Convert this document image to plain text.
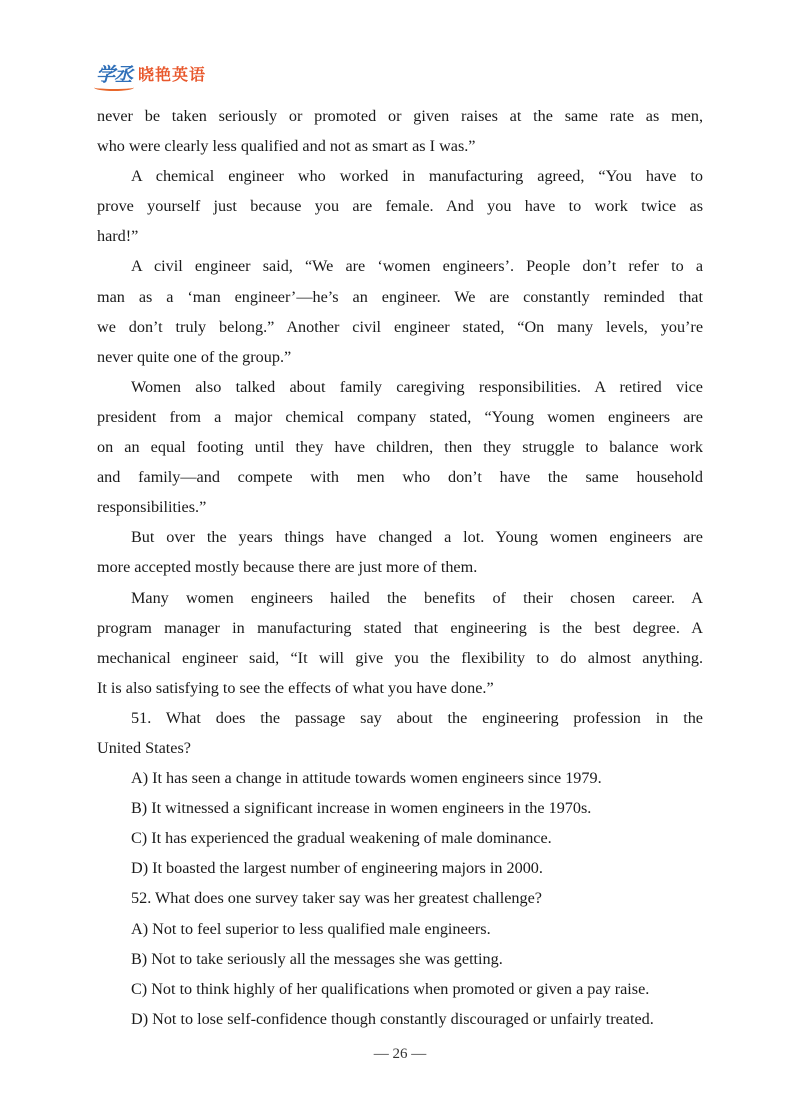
学丞 晓艳英语
never be taken seriously or promoted or given raises at the same rate as men,
who were clearly less qualified and not as smart as I was.”
A chemical engineer who worked in manufacturing agreed, “You have to
prove yourself just because you are female. And you have to work twice as
hard!”
A civil engineer said, “We are ‘women engineers’. People don’t refer to a
man as a ‘man engineer’—he’s an engineer. We are constantly reminded that
we don’t truly belong.” Another civil engineer stated, “On many levels, you’re
never quite one of the group.”
Women also talked about family caregiving responsibilities. A retired vice
president from a major chemical company stated, “Young women engineers are
on an equal footing until they have children, then they struggle to balance work
and family—and compete with men who don’t have the same household
responsibilities.”
But over the years things have changed a lot. Young women engineers are
more accepted mostly because there are just more of them.
Many women engineers hailed the benefits of their chosen career. A
program manager in manufacturing stated that engineering is the best degree. A
mechanical engineer said, “It will give you the flexibility to do almost anything.
It is also satisfying to see the effects of what you have done.”
51. What does the passage say about the engineering profession in the
United States?
A) It has seen a change in attitude towards women engineers since 1979.
B) It witnessed a significant increase in women engineers in the 1970s.
C) It has experienced the gradual weakening of male dominance.
D) It boasted the largest number of engineering majors in 2000.
52. What does one survey taker say was her greatest challenge?
A) Not to feel superior to less qualified male engineers.
B) Not to take seriously all the messages she was getting.
C) Not to think highly of her qualifications when promoted or given a pay raise.
D) Not to lose self-confidence though constantly discouraged or unfairly treated.
— 26 —
